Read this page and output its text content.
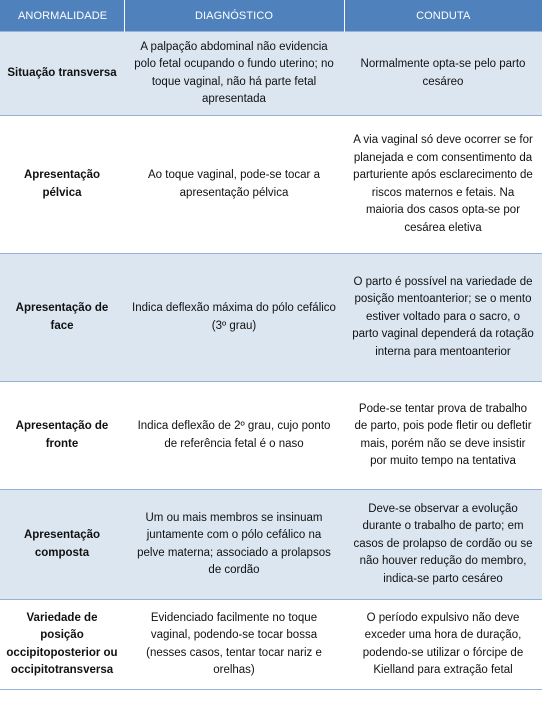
ANORMALIDADE	DIAGNÓSTICO	CONDUTA
Situação transversa	A palpação abdominal não evidencia polo fetal ocupando o fundo uterino; no toque vaginal, não há parte fetal apresentada	Normalmente opta-se pelo parto cesáreo
Apresentação pélvica	Ao toque vaginal, pode-se tocar a apresentação pélvica	A via vaginal só deve ocorrer se for planejada e com consentimento da parturiente após esclarecimento de riscos maternos e fetais. Na maioria dos casos opta-se por cesárea eletiva
Apresentação de face	Indica deflexão máxima do pólo cefálico (3º grau)	O parto é possível na variedade de posição mentoanterior; se o mento estiver voltado para o sacro, o parto vaginal dependerá da rotação interna para mentoanterior
Apresentação de fronte	Indica deflexão de 2º grau, cujo ponto de referência fetal é o naso	Pode-se tentar prova de trabalho de parto, pois pode fletir ou defletir mais, porém não se deve insistir por muito tempo na tentativa
Apresentação composta	Um ou mais membros se insinuam juntamente com o pólo cefálico na pelve materna; associado a prolapsos de cordão	Deve-se observar a evolução durante o trabalho de parto; em casos de prolapso de cordão ou se não houver redução do membro, indica-se parto cesáreo
Variedade de posição occipitoposterior ou occipitotransversa	Evidenciado facilmente no toque vaginal, podendo-se tocar bossa (nesses casos, tentar tocar nariz e orelhas)	O período expulsivo não deve exceder uma hora de duração, podendo-se utilizar o fórcipe de Kielland para extração fetal
